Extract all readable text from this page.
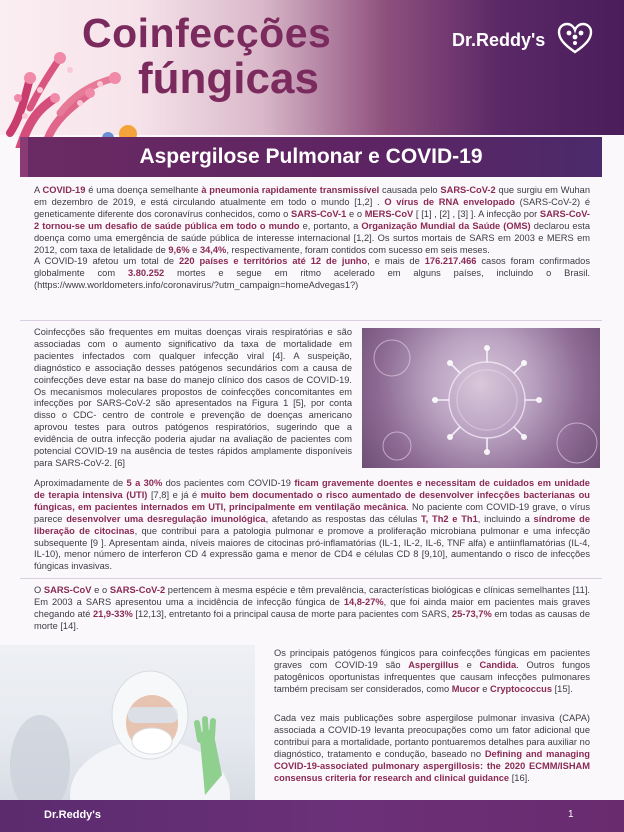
Coinfecções
fúngicas
Dr.Reddy's
Aspergilose Pulmonar e COVID-19

A COVID-19 é uma doença semelhante à pneumonia rapidamente transmissível causada pelo SARS-CoV-2 que surgiu em Wuhan em dezembro de 2019, e está circulando atualmente em todo o mundo [1,2] . O vírus de RNA envelopado (SARS-CoV-2) é geneticamente diferente dos coronavírus conhecidos, como o SARS-CoV-1 e o MERS-CoV [ [1] , [2] , [3] ]. A infecção por SARS-CoV-2 tornou-se um desafio de saúde pública em todo o mundo e, portanto, a Organização Mundial da Saúde (OMS) declarou esta doença como uma emergência de saúde pública de interesse internacional [1,2]. Os surtos mortais de SARS em 2003 e MERS em 2012, com taxa de letalidade de 9,6% e 34,4%, respectivamente, foram contidos com sucesso em seis meses.
A COVID-19 afetou um total de 220 países e territórios até 12 de junho, e mais de 176.217.466 casos foram confirmados globalmente com 3.80.252 mortes e segue em ritmo acelerado em alguns países, incluindo o Brasil. (https://www.worldometers.info/coronavirus/?utm_campaign=homeAdvegas1?)

Coinfecções são frequentes em muitas doenças virais respiratórias e são associadas com o aumento significativo da taxa de mortalidade em pacientes infectados com qualquer infecção viral [4]. A suspeição, diagnóstico e associação desses patógenos secundários com a causa de coinfecções deve estar na base do manejo clínico dos casos de COVID-19. Os mecanismos moleculares propostos de coinfecções concomitantes em infecções por SARS-CoV-2 são apresentados na Figura 1 [5], por conta disso o CDC- centro de controle e prevenção de doenças americano aprovou testes para outros patógenos respiratórios, sugerindo que a evidência de outra infecção poderia ajudar na avaliação de pacientes com potencial COVID-19 na ausência de testes rápidos amplamente disponíveis para SARS-CoV-2. [6]

Aproximadamente de 5 a 30% dos pacientes com COVID-19 ficam gravemente doentes e necessitam de cuidados em unidade de terapia intensiva (UTI) [7,8] e já é muito bem documentado o risco aumentado de desenvolver infecções bacterianas ou fúngicas, em pacientes internados em UTI, principalmente em ventilação mecânica. No paciente com COVID-19 grave, o vírus parece desenvolver uma desregulação imunológica, afetando as respostas das células T, Th2 e Th1, incluindo a síndrome de liberação de citocinas, que contribui para a patologia pulmonar e promove a proliferação microbiana pulmonar e uma infecção subsequente [9 ]. Apresentam ainda, níveis maiores de citocinas pró-inflamatórias (IL-1, IL-2, IL-6, TNF alfa) e antiinflamatórias (IL-4, IL-10), menor número de interferon CD 4 expressão gama e menor de CD4 e células CD 8 [9,10], aumentando o risco de infecções fúngicas invasivas.

O SARS-CoV e o SARS-CoV-2 pertencem à mesma espécie e têm prevalência, características biológicas e clínicas semelhantes [11]. Em 2003 a SARS apresentou uma a incidência de infecção fúngica de 14,8-27%, que foi ainda maior em pacientes mais graves chegando até 21,9-33% [12,13], entretanto foi a principal causa de morte para pacientes com SARS, 25-73,7% em todas as causas de morte [14].

Os principais patógenos fúngicos para coinfecções fúngicas em pacientes graves com COVID-19 são Aspergillus e Candida. Outros fungos patogênicos oportunistas infrequentes que causam infecções pulmonares também precisam ser considerados, como Mucor e Cryptococcus [15].

Cada vez mais publicações sobre aspergilose pulmonar invasiva (CAPA) associada a COVID-19 levanta preocupações como um fator adicional que contribui para a mortalidade, portanto pontuaremos detalhes para auxiliar no diagnóstico, tratamento e condução, baseado no Defining and managing COVID-19-associated pulmonary aspergillosis: the 2020 ECMM/ISHAM consensus criteria for research and clinical guidance [16].

Dr.Reddy's	1
